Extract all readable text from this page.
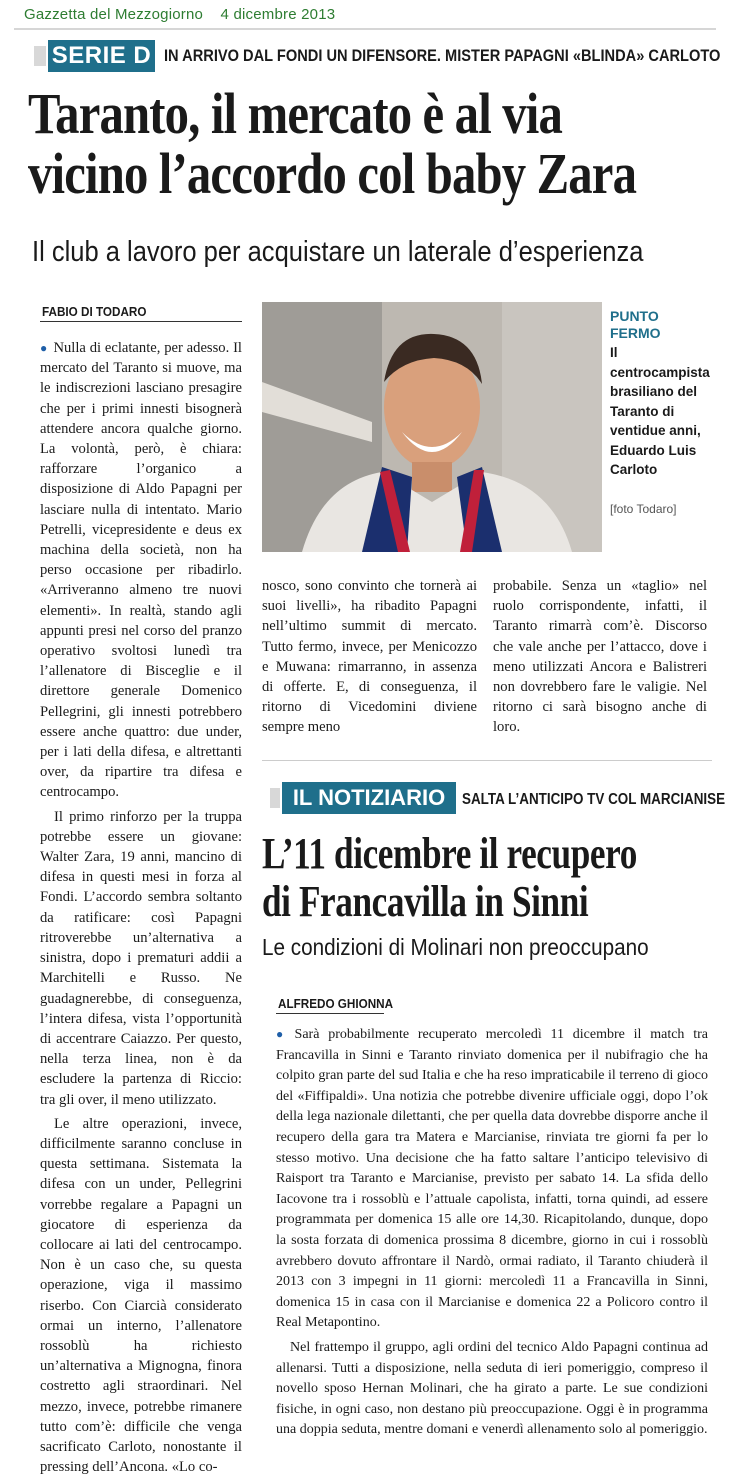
Gazzetta del Mezzogiorno 4 dicembre 2013
SERIE D IN ARRIVO DAL FONDI UN DIFENSORE. MISTER PAPAGNI «BLINDA» CARLOTO
Taranto, il mercato è al via
vicino l’accordo col baby Zara
Il club a lavoro per acquistare un laterale d’esperienza
FABIO DI TODARO

● Nulla di eclatante, per adesso. Il mercato del Taranto si muove, ma le indiscrezioni lasciano presagire che per i primi innesti bisognerà attendere ancora qualche giorno. La volontà, però, è chiara: rafforzare l’organico a disposizione di Aldo Papagni per lasciare nulla di intentato. Mario Petrelli, vicepresidente e deus ex machina della società, non ha perso occasione per ribadirlo. «Arriveranno almeno tre nuovi elementi». In realtà, stando agli appunti presi nel corso del pranzo operativo svoltosi lunedì tra l’allenatore di Bisceglie e il direttore generale Domenico Pellegrini, gli innesti potrebbero essere anche quattro: due under, per i lati della difesa, e altrettanti over, da ripartire tra difesa e centrocampo.

Il primo rinforzo per la truppa potrebbe essere un giovane: Walter Zara, 19 anni, mancino di difesa in questi mesi in forza al Fondi. L’accordo sembra soltanto da ratificare: così Papagni ritroverebbe un’alternativa a sinistra, dopo i prematuri addii a Marchitelli e Russo. Ne guadagnerebbe, di conseguenza, l’intera difesa, vista l’opportunità di accentrare Caiazzo. Per questo, nella terza linea, non è da escludere la partenza di Riccio: tra gli over, il meno utilizzato.

Le altre operazioni, invece, difficilmente saranno concluse in questa settimana. Sistemata la difesa con un under, Pellegrini vorrebbe regalare a Papagni un giocatore di esperienza da collocare ai lati del centrocampo. Non è un caso che, su questa operazione, viga il massimo riserbo. Con Ciarcià considerato ormai un interno, l’allenatore rossoblù ha richiesto un’alternativa a Mignogna, finora costretto agli straordinari. Nel mezzo, invece, potrebbe rimanere tutto com’è: difficile che venga sacrificato Carloto, nonostante il pressing dell’Ancona. «Lo co-

PUNTO
FERMO
Il centrocampista brasiliano del Taranto di ventidue anni, Eduardo Luis Carloto
[foto Todaro]

nosco, sono convinto che tornerà ai suoi livelli», ha ribadito Papagni nell’ultimo summit di mercato. Tutto fermo, invece, per Menicozzo e Muwana: rimarranno, in assenza di offerte. E, di conseguenza, il ritorno di Vicedomini diviene sempre meno

probabile. Senza un «taglio» nel ruolo corrispondente, infatti, il Taranto rimarrà com’è. Discorso che vale anche per l’attacco, dove i meno utilizzati Ancora e Balistreri non dovrebbero fare le valigie. Nel ritorno ci sarà bisogno anche di loro.

IL NOTIZIARIO	SALTA L’ANTICIPO TV COL MARCIANISE
L’11 dicembre il recupero
di Francavilla in Sinni
Le condizioni di Molinari non preoccupano
ALFREDO GHIONNA

● Sarà probabilmente recuperato mercoledì 11 dicembre il match tra Francavilla in Sinni e Taranto rinviato domenica per il nubifragio che ha colpito gran parte del sud Italia e che ha reso impraticabile il terreno di gioco del «Fiffipaldi». Una notizia che potrebbe divenire ufficiale oggi, dopo l’ok della lega nazionale dilettanti, che per quella data dovrebbe disporre anche il recupero della gara tra Matera e Marcianise, rinviata tre giorni fa per lo stesso motivo. Una decisione che ha fatto saltare l’anticipo televisivo di Raisport tra Taranto e Marcianise, previsto per sabato 14. La sfida dello Iacovone tra i rossoblù e l’attuale capolista, infatti, torna quindi, ad essere programmata per domenica 15 alle ore 14,30. Ricapitolando, dunque, dopo la sosta forzata di domenica prossima 8 dicembre, giorno in cui i rossoblù avrebbero dovuto affrontare il Nardò, ormai radiato, il Taranto chiuderà il 2013 con 3 impegni in 11 giorni: mercoledì 11 a Francavilla in Sinni, domenica 15 in casa con il Marcianise e domenica 22 a Policoro contro il Real Metapontino.

Nel frattempo il gruppo, agli ordini del tecnico Aldo Papagni continua ad allenarsi. Tutti a disposizione, nella seduta di ieri pomeriggio, compreso il novello sposo Hernan Molinari, che ha girato a parte. Le sue condizioni fisiche, in ogni caso, non destano più preoccupazione. Oggi è in programma una doppia seduta, mentre domani e venerdì allenamento solo al pomeriggio.
